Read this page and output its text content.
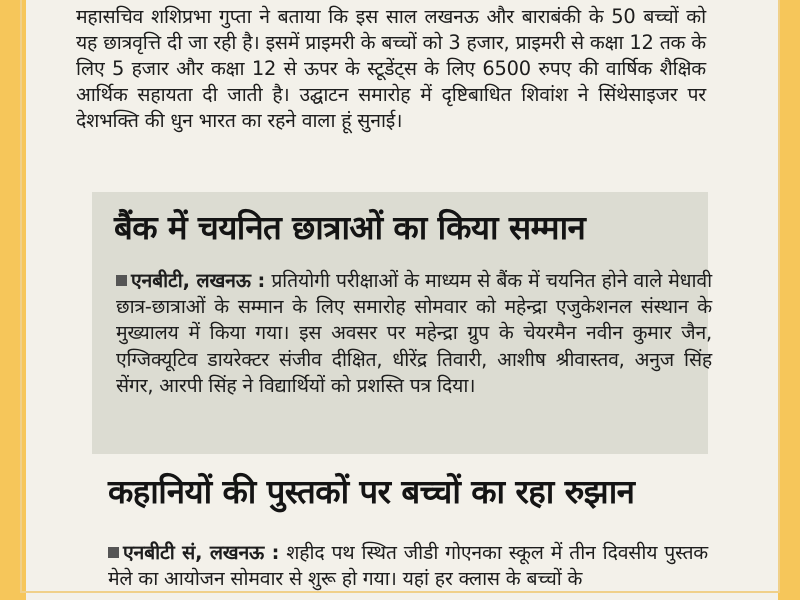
महासचिव शशिप्रभा गुप्ता ने बताया कि इस साल लखनऊ और बाराबंकी के 50 बच्चों को यह छात्रवृत्ति दी जा रही है। इसमें प्राइमरी के बच्चों को 3 हजार, प्राइमरी से कक्षा 12 तक के लिए 5 हजार और कक्षा 12 से ऊपर के स्टूडेंट्स के लिए 6500 रुपए की वार्षिक शैक्षिक आर्थिक सहायता दी जाती है। उद्घाटन समारोह में दृष्टिबाधित शिवांश ने सिंथेसाइजर पर देशभक्ति की धुन भारत का रहने वाला हूं सुनाई।
बैंक में चयनित छात्राओं का किया सम्मान
एनबीटी, लखनऊ : प्रतियोगी परीक्षाओं के माध्यम से बैंक में चयनित होने वाले मेधावी छात्र-छात्राओं के सम्मान के लिए समारोह सोमवार को महेन्द्रा एजुकेशनल संस्थान के मुख्यालय में किया गया। इस अवसर पर महेन्द्रा ग्रुप के चेयरमैन नवीन कुमार जैन, एग्जिक्यूटिव डायरेक्टर संजीव दीक्षित, धीरेंद्र तिवारी, आशीष श्रीवास्तव, अनुज सिंह सेंगर, आरपी सिंह ने विद्यार्थियों को प्रशस्ति पत्र दिया।
कहानियों की पुस्तकों पर बच्चों का रहा रुझान
एनबीटी सं, लखनऊ : शहीद पथ स्थित जीडी गोएनका स्कूल में तीन दिवसीय पुस्तक मेले का आयोजन सोमवार से शुरू हो गया। यहां हर क्लास के बच्चों के
